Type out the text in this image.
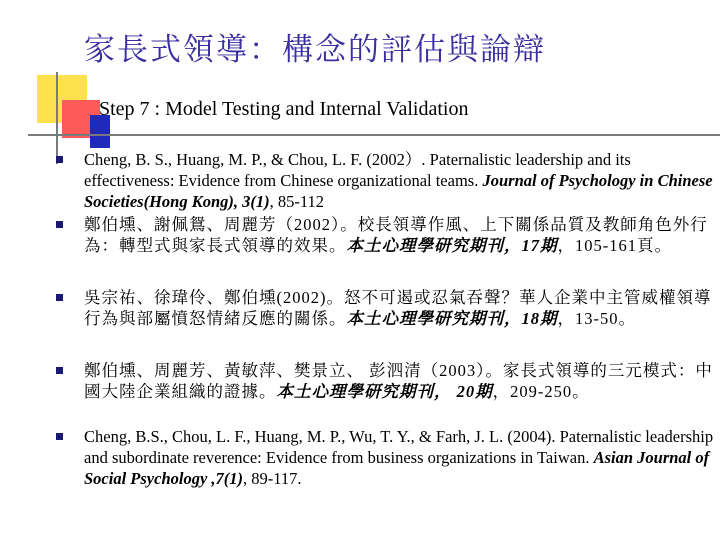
家長式領導：構念的評估與論辯
Step 7 : Model Testing and Internal Validation
Cheng, B. S., Huang, M. P., & Chou, L. F. (2002）. Paternalistic leadership and its effectiveness: Evidence from Chinese organizational teams. Journal of Psychology in Chinese Societies(Hong Kong), 3(1), 85-112
鄭伯壎、謝佩鴛、周麗芳（2002）。校長領導作風、上下關係品質及教師角色外行為：轉型式與家長式領導的效果。本土心理學研究期刊，17期，105-161頁。
吳宗祐、徐瑋伶、鄭伯壎(2002)。怒不可遏或忍氣吞聲？華人企業中主管威權領導行為與部屬憤怒情緒反應的關係。本土心理學研究期刊，18期，13-50。
鄭伯壎、周麗芳、黃敏萍、樊景立、 彭泗清（2003）。家長式領導的三元模式：中國大陸企業組織的證據。本土心理學研究期刊， 20期，209-250。
Cheng, B.S., Chou, L. F., Huang, M. P., Wu, T. Y., & Farh, J. L. (2004). Paternalistic leadership and subordinate reverence: Evidence from business organizations in Taiwan. Asian Journal of Social Psychology ,7(1), 89-117.
